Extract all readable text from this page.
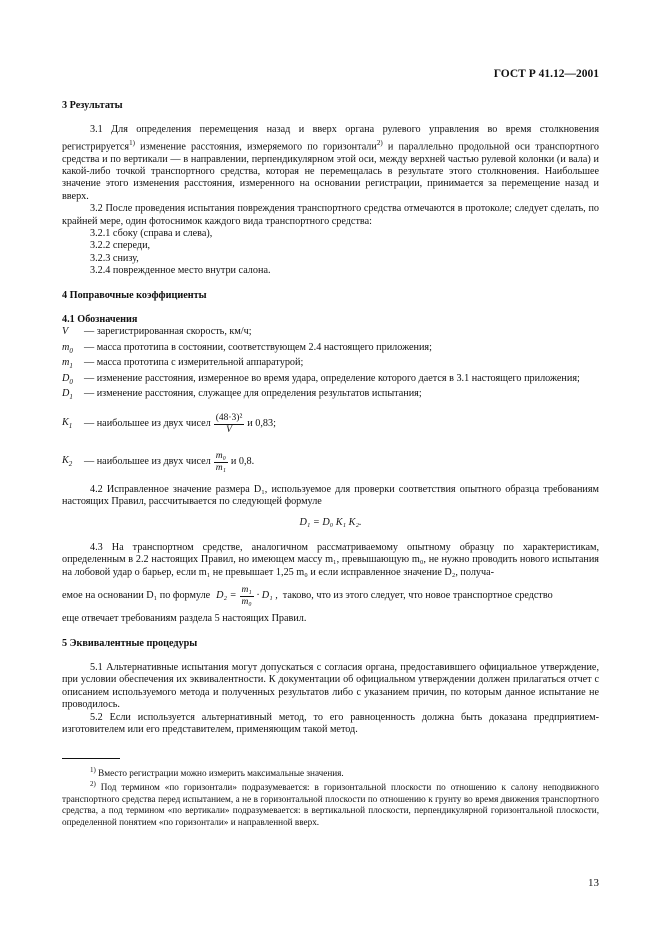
ГОСТ Р 41.12—2001
3 Результаты

3.1 Для определения перемещения назад и вверх органа рулевого управления во время столкновения регистрируется$^{1)}$ изменение расстояния, измеряемого по горизонтали$^{2)}$ и параллельно продольной оси транспортного средства и по вертикали — в направлении, перпендикулярном этой оси, между верхней частью рулевой колонки (и вала) и какой-либо точкой транспортного средства, которая не перемещалась в результате этого столкновения. Наибольшее значение этого изменения расстояния, измеренного на основании регистрации, принимается за перемещение назад и вверх.

3.2 После проведения испытания повреждения транспортного средства отмечаются в протоколе; следует сделать, по крайней мере, один фотоснимок каждого вида транспортного средства:

3.2.1 сбоку (справа и слева),

3.2.2 спереди,

3.2.3 снизу,

3.2.4 поврежденное место внутри салона.

4 Поправочные коэффициенты
4.1 Обозначения
V	— зарегистрированная скорость, км/ч;
$m_0$	— масса прототипа в состоянии, соответствующем 2.4 настоящего приложения;
$m_1$	— масса прототипа с измерительной аппаратурой;
$D_0$	— изменение расстояния, измеренное во время удара, определение которого дается в 3.1 настоящего приложения;
$D_1$	— изменение расстояния, служащее для определения результатов испытания;
$K_1$	— наибольшее из двух чисел $\frac{\text{(48·3)²}}{V}$ и 0,83;
$K_2$	— наибольшее из двух чисел $\frac{\text{m₀}}{\text{m₁}}$ и 0,8.

4.2 Исправленное значение размера D₁, используемое для проверки соответствия опытного образца требованиям настоящих Правил, рассчитывается по следующей формуле

D₁ = D₀ K₁ K₂.

4.3 На транспортном средстве, аналогичном рассматриваемому опытному образцу по характеристикам, определенным в 2.2 настоящих Правил, но имеющем массу m₁, превышающую m₀, не нужно проводить нового испытания на лобовой удар о барьер, если m₁ не превышает 1,25 m₀ и если исправленное значение D₂, получа-

емое на основании D₁ по формуле $D_2 = \frac{\text{m₁}}{\text{m₀}} \cdot D_1$ , таково, что из этого следует, что новое транспортное средство

еще отвечает требованиям раздела 5 настоящих Правил.

5 Эквивалентные процедуры

5.1 Альтернативные испытания могут допускаться с согласия органа, предоставившего официальное утверждение, при условии обеспечения их эквивалентности. К документации об официальном утверждении должен прилагаться отчет с описанием используемого метода и полученных результатов либо с указанием причин, по которым данное испытание не проводилось.

5.2 Если используется альтернативный метод, то его равноценность должна быть доказана предприятием-изготовителем или его представителем, применяющим такой метод.

$^{1)}$ Вместо регистрации можно измерить максимальные значения.

$^{2)}$ Под термином «по горизонтали» подразумевается: в горизонтальной плоскости по отношению к салону неподвижного транспортного средства перед испытанием, а не в горизонтальной плоскости по отношению к грунту во время движения транспортного средства, а под термином «по вертикали» подразумевается: в вертикальной плоскости, перпендикулярной горизонтальной плоскости, определенной понятием «по горизонтали» и направленной вверх.

13
